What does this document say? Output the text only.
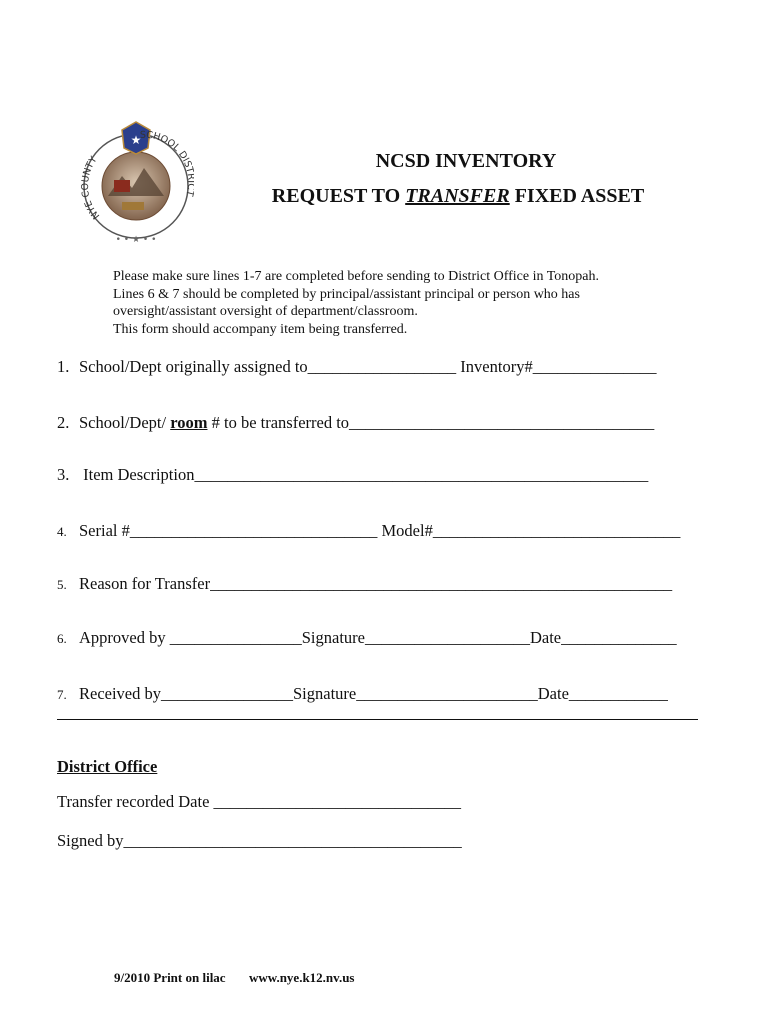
★
NYE COUNTY
SCHOOL DIS
• • ★ • •
NCSD INVENTORY
REQUEST TO TRANSFER FIXED ASSET
Please make sure lines 1-7 are completed before sending to District Office in Tonopah.
Lines 6 & 7 should be completed by principal/assistant principal or person who has
oversight/assistant oversight of department/classroom.
This form should accompany item being transferred.
1. School/Dept originally assigned to__________________ Inventory#_______________
2. School/Dept/ room # to be transferred to_____________________________________
3. Item Description_______________________________________________________
4. Serial #______________________________ Model#______________________________
5. Reason for Transfer________________________________________________________
6. Approved by ________________Signature____________________Date______________
7. Received by________________Signature______________________Date____________
District Office
Transfer recorded Date ______________________________
Signed by_________________________________________
9/2010 Print on lilac www.nye.k12.nv.us
